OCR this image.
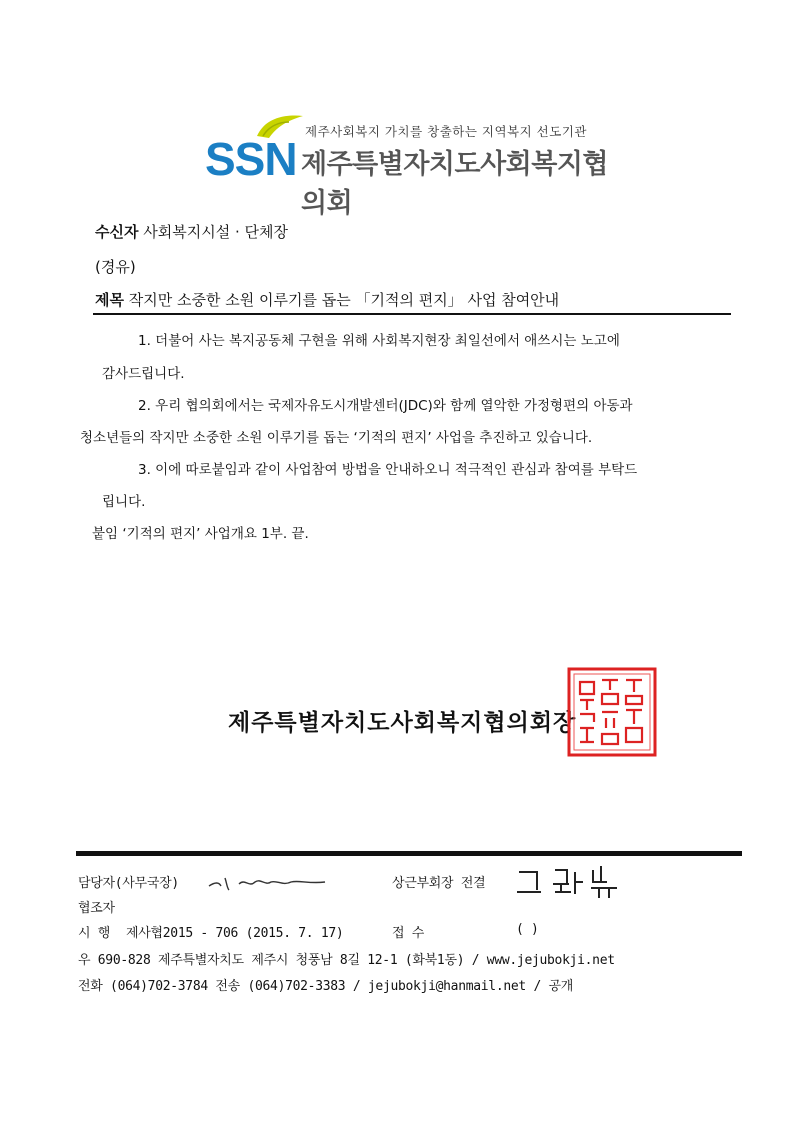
SSN
제주사회복지 가치를 창출하는 지역복지 선도기관
제주특별자치도사회복지협의회
수신자 사회복지시설 · 단체장
(경유)
제목 작지만 소중한 소원 이루기를 돕는 「기적의 편지」 사업 참여안내
1. 더불어 사는 복지공동체 구현을 위해 사회복지현장 최일선에서 애쓰시는 노고에
감사드립니다.
2. 우리 협의회에서는 국제자유도시개발센터(JDC)와 함께 열악한 가정형편의 아동과
청소년들의 작지만 소중한 소원 이루기를 돕는 ‘기적의 편지’ 사업을 추진하고 있습니다.
3. 이에 따로붙임과 같이 사업참여 방법을 안내하오니 적극적인 관심과 참여를 부탁드
립니다.
붙임 ‘기적의 편지’ 사업개요 1부. 끝.
제주특별자치도사회복지협의회장
담당자(사무국장)	상근부회장 전결
협조자
시 행 제사협2015 - 706 (2015. 7. 17)	접 수	( )
우 690-828 제주특별자치도 제주시 청풍남 8길 12-1 (화북1동) / www.jejubokji.net
전화 (064)702-3784 전송 (064)702-3383 / jejubokji@hanmail.net / 공개
